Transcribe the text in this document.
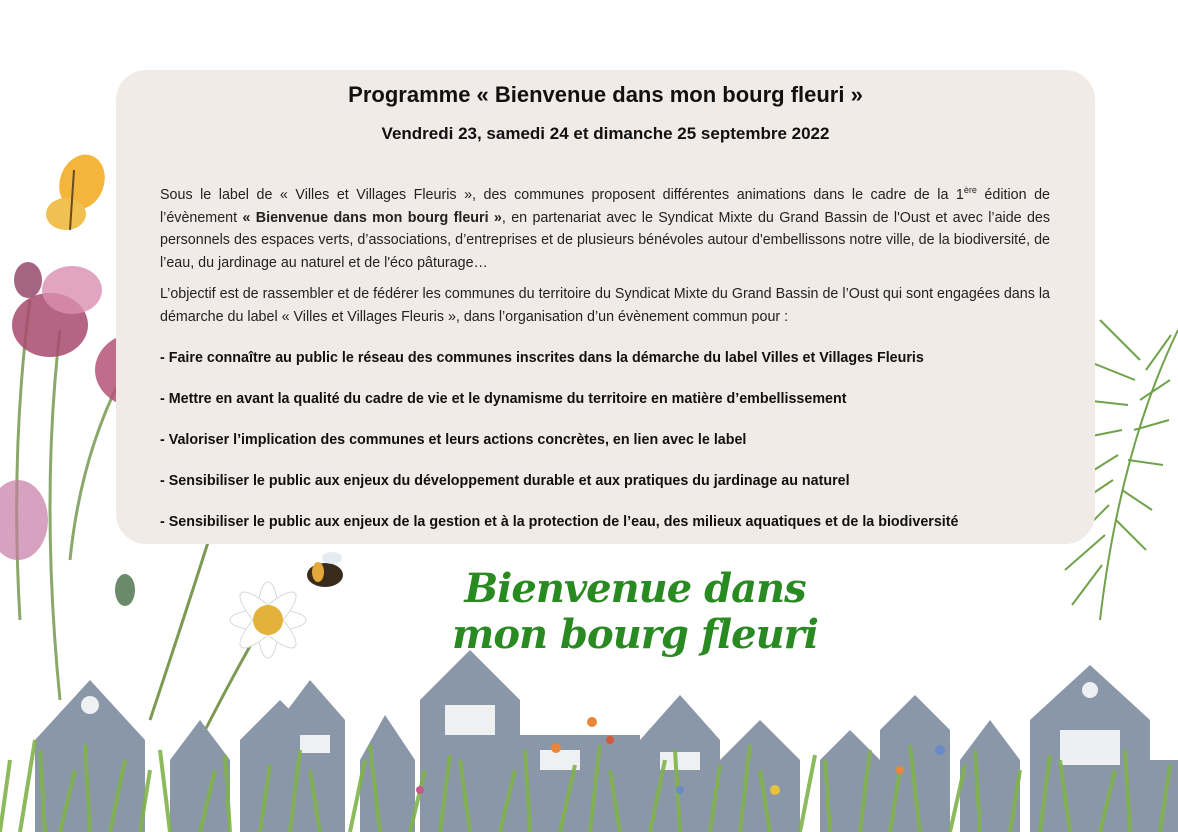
Programme « Bienvenue dans mon bourg fleuri »
Vendredi 23, samedi 24 et dimanche 25 septembre 2022

Sous le label de « Villes et Villages Fleuris », des communes proposent différentes animations dans le cadre de la 1ère édition de l’évènement « Bienvenue dans mon bourg fleuri », en partenariat avec le Syndicat Mixte du Grand Bassin de l'Oust et avec l’aide des personnels des espaces verts, d’associations, d’entreprises et de plusieurs bénévoles autour d'embellissons notre ville, de la biodiversité, de l’eau, du jardinage au naturel et de l'éco pâturage…

L’objectif est de rassembler et de fédérer les communes du territoire du Syndicat Mixte du Grand Bassin de l’Oust qui sont engagées dans la démarche du label « Villes et Villages Fleuris », dans l’organisation d’un évènement commun pour :

- Faire connaître au public le réseau des communes inscrites dans la démarche du label Villes et Villages Fleuris
- Mettre en avant la qualité du cadre de vie et le dynamisme du territoire en matière d’embellissement
- Valoriser l’implication des communes et leurs actions concrètes, en lien avec le label
- Sensibiliser le public aux enjeux du développement durable et aux pratiques du jardinage au naturel
- Sensibiliser le public aux enjeux de la gestion et à la protection de l’eau, des milieux aquatiques et de la biodiversité
Bienvenue dans
mon bourg fleuri
